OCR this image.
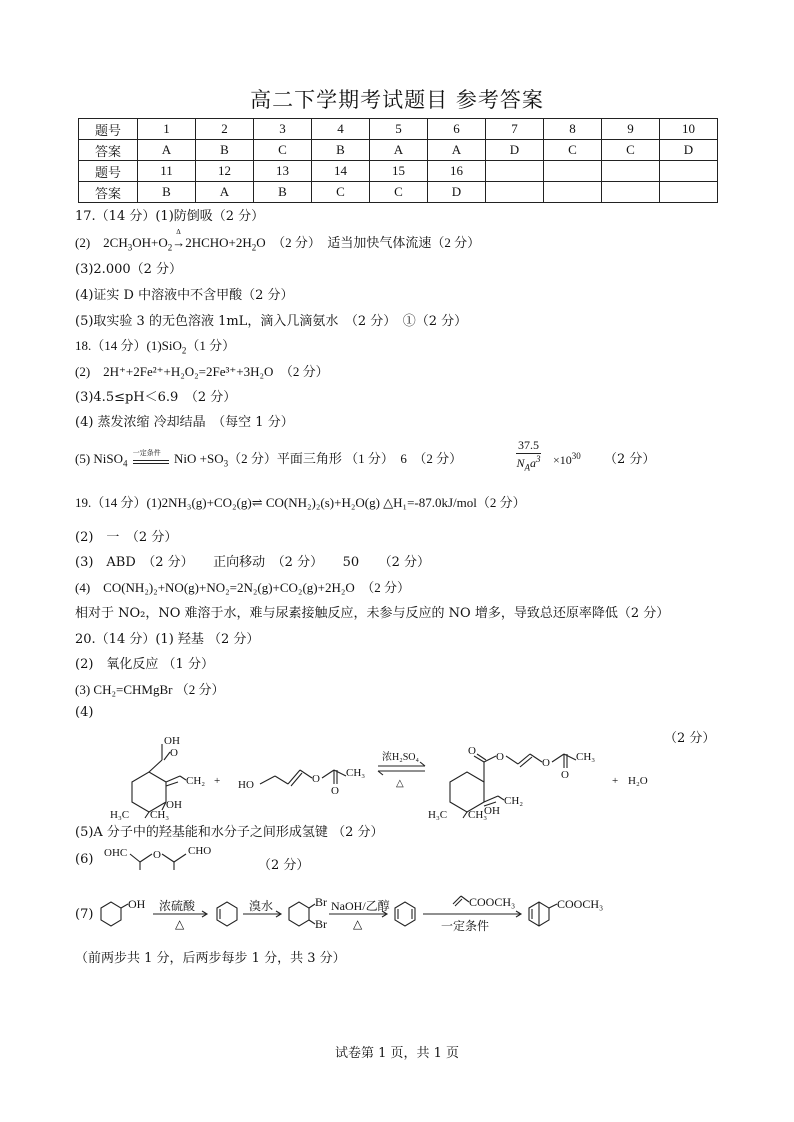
高二下学期考试题目 参考答案
题号	1	2	3	4	5	6	7	8	9	10
答案	A	B	C	B	A	A	D	C	C	D
题号	11	12	13	14	15	16				
答案	B	A	B	C	C	D				
17.（14 分）(1)防倒吸（2 分）
(2)　$2CH_3OH+O_2$
Δ
$\to 2HCHO+2H_2O$　（2 分）　适当加快气体流速（2 分）
(3)2.000（2 分）
(4)证实 D 中溶液中不含甲酸（2 分）
(5)取实验 3 的无色溶液 1mL，滴入几滴氨水　（2 分）　①（2 分）
18.（14 分）(1)SiO$_2$（1 分）
(2)　2H⁺+2Fe²⁺+H₂O₂=2Fe³⁺+3H₂O　（2 分）
(3)4.5≤pH＜6.9　（2 分）
(4) 蒸发浓缩 冷却结晶　（每空 1 分）
(5) NiSO$_4$
一定条件 NiO $+SO_3(2$ 分）平面三角形 （1 分）　6　（2 分）
37.5
$N_Aa^3 \times 10^{30}$ （2 分）
19.（14 分）(1)2NH₃(g)+CO₂(g)⇌ CO(NH₂)₂(s)+H₂O(g) △H₁=-87.0kJ/mol（2 分）
(2)　一　（2 分）
(3)　ABD　（2 分）　　正向移动　（2 分）　　50　　（2 分）
(4)　CO(NH₂)₂+NO(g)+NO₂=2N₂(g)+CO₂(g)+2H₂O　（2 分）
相对于 NO₂，NO 难溶于水，难与尿素接触反应，未参与反应的 NO 增多，导致总还原率降低（2 分）
20.（14 分）(1) 羟基 （2 分）
(2)　氧化反应 （1 分）
(3) CH₂=CHMgBr （2 分）
(4)
（2 分）
OH
O
CH₂
OH
H₃C CH₃
+ HO	O
O
CH₃
浓H₂SO₄
△
O O	O
O
CH₃
CH₂
OH
H₃C CH₃
+ H₂O
(5)A 分子中的羟基能和水分子之间形成氢键 （2 分）
(6) OHC O CHO
（2 分）
(7)
OH 浓硫酸
△
溴水	Br
Br
NaOH/乙醇
△
COOCH₃
一定条件
COOCH₃
（前两步共 1 分，后两步每步 1 分，共 3 分）
试卷第 1 页，共 1 页
